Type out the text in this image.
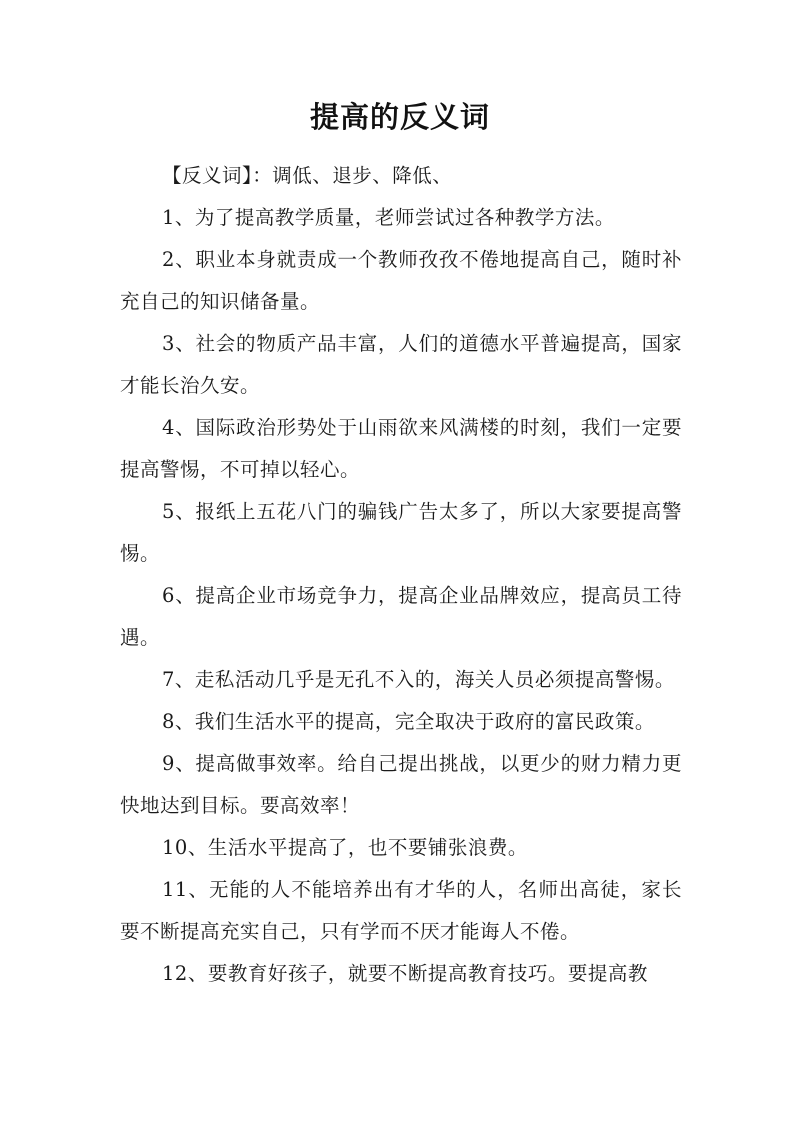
提高的反义词

【反义词】：调低、退步、降低、

1、为了提高教学质量，老师尝试过各种教学方法。

2、职业本身就责成一个教师孜孜不倦地提高自己，随时补充自己的知识储备量。

3、社会的物质产品丰富，人们的道德水平普遍提高，国家才能长治久安。

4、国际政治形势处于山雨欲来风满楼的时刻，我们一定要提高警惕，不可掉以轻心。

5、报纸上五花八门的骗钱广告太多了，所以大家要提高警惕。

6、提高企业市场竞争力，提高企业品牌效应，提高员工待遇。

7、走私活动几乎是无孔不入的，海关人员必须提高警惕。

8、我们生活水平的提高，完全取决于政府的富民政策。

9、提高做事效率。给自己提出挑战，以更少的财力精力更快地达到目标。要高效率！

10、生活水平提高了，也不要铺张浪费。

11、无能的人不能培养出有才华的人，名师出高徒，家长要不断提高充实自己，只有学而不厌才能诲人不倦。

12、要教育好孩子，就要不断提高教育技巧。要提高教
